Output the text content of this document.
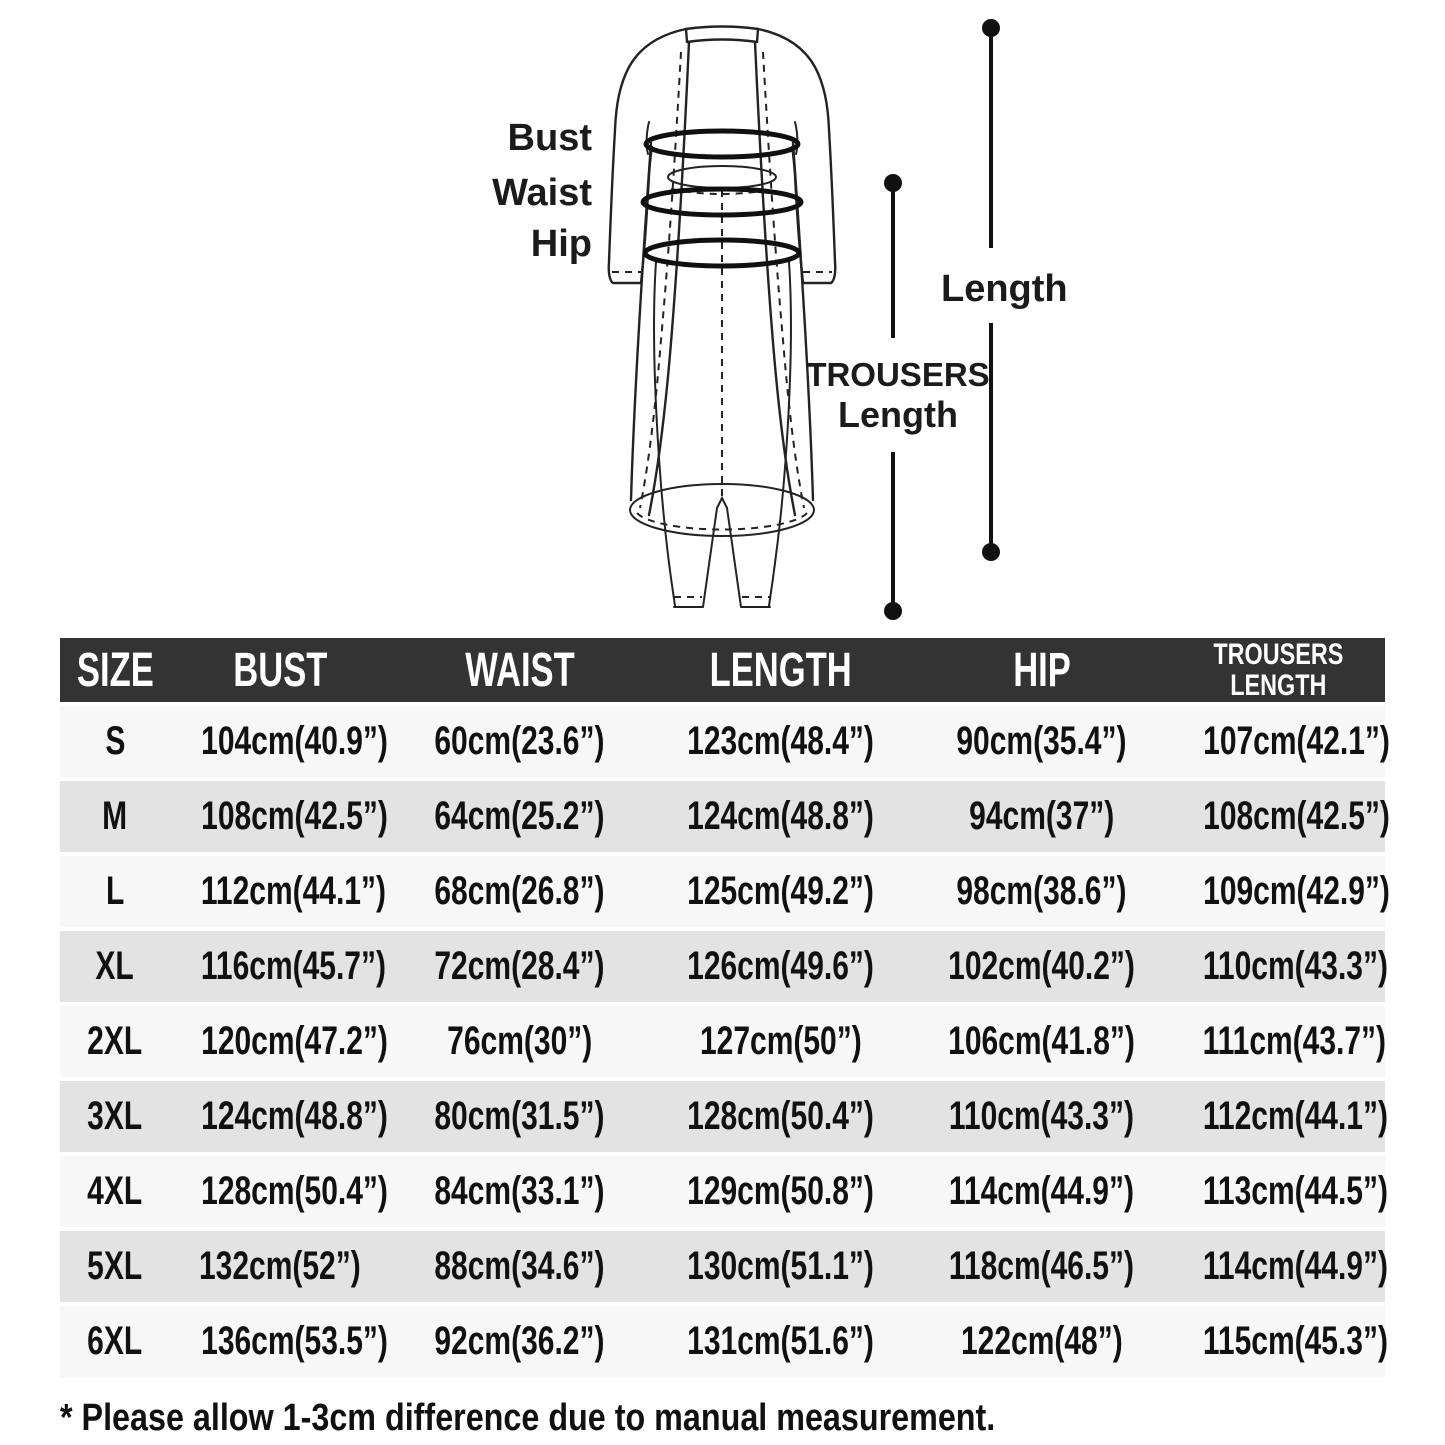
Bust
Waist
Hip
Length
TROUSERS
Length
SIZE	BUST	WAIST	LENGTH	HIP	TROUSERS
LENGTH

S	104cm(40.9”)	60cm(23.6”)	123cm(48.4”)	90cm(35.4”)	107cm(42.1”)
M	108cm(42.5”)	64cm(25.2”)	124cm(48.8”)	94cm(37”)	108cm(42.5”)
L	112cm(44.1”)	68cm(26.8”)	125cm(49.2”)	98cm(38.6”)	109cm(42.9”)
XL	116cm(45.7”)	72cm(28.4”)	126cm(49.6”)	102cm(40.2”)	110cm(43.3”)
2XL	120cm(47.2”)	76cm(30”)	127cm(50”)	106cm(41.8”)	111cm(43.7”)
3XL	124cm(48.8”)	80cm(31.5”)	128cm(50.4”)	110cm(43.3”)	112cm(44.1”)
4XL	128cm(50.4”)	84cm(33.1”)	129cm(50.8”)	114cm(44.9”)	113cm(44.5”)
5XL	132cm(52”)	88cm(34.6”)	130cm(51.1”)	118cm(46.5”)	114cm(44.9”)
6XL	136cm(53.5”)	92cm(36.2”)	131cm(51.6”)	122cm(48”)	115cm(45.3”)
* Please allow 1-3cm difference due to manual measurement.
